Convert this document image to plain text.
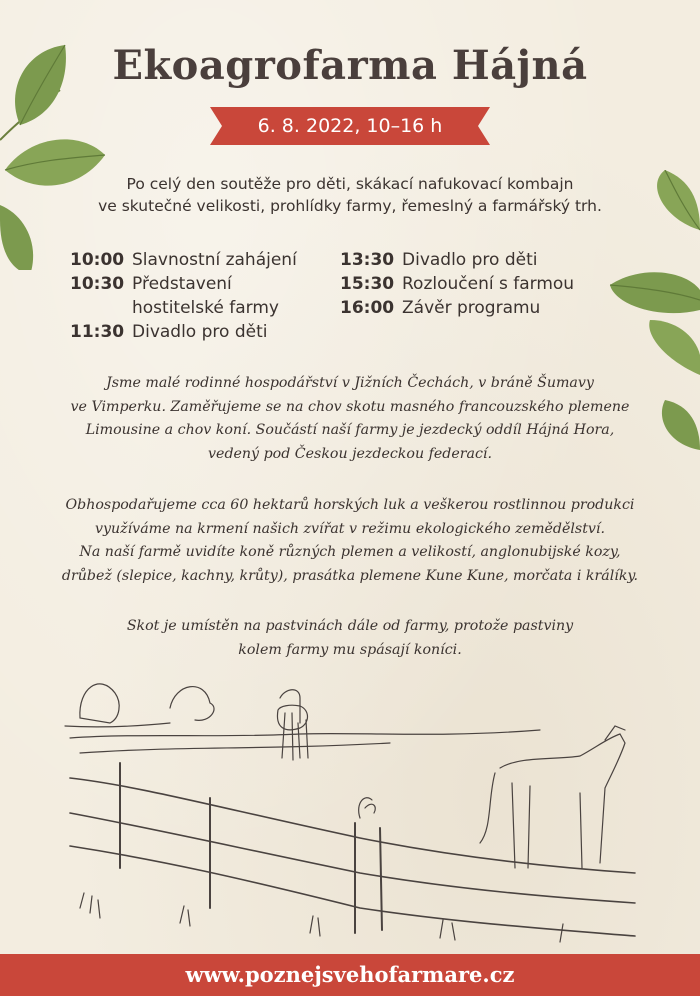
Ekoagrofarma Hájná
6. 8. 2022, 10–16 h
Po celý den soutěže pro děti, skákací nafukovací kombajn
ve skutečné velikosti, prohlídky farmy, řemeslný a farmářský trh.
10:00 Slavnostní zahájení
10:30 Představení
hostitelské farmy
11:30 Divadlo pro děti
13:30 Divadlo pro děti
15:30 Rozloučení s farmou
16:00 Závěr programu
Jsme malé rodinné hospodářství v Jižních Čechách, v bráně Šumavy
ve Vimperku. Zaměřujeme se na chov skotu masného francouzského plemene
Limousine a chov koní. Součástí naší farmy je jezdecký oddíl Hájná Hora,
vedený pod Českou jezdeckou federací.
Obhospodařujeme cca 60 hektarů horských luk a veškerou rostlinnou produkci
využíváme na krmení našich zvířat v režimu ekologického zemědělství.
Na naší farmě uvidíte koně různých plemen a velikostí, anglonubijské kozy,
drůbež (slepice, kachny, krůty), prasátka plemene Kune Kune, morčata i králíky.
Skot je umístěn na pastvinách dále od farmy, protože pastviny
kolem farmy mu spásají koníci.
www.poznejsvehofarmare.cz
